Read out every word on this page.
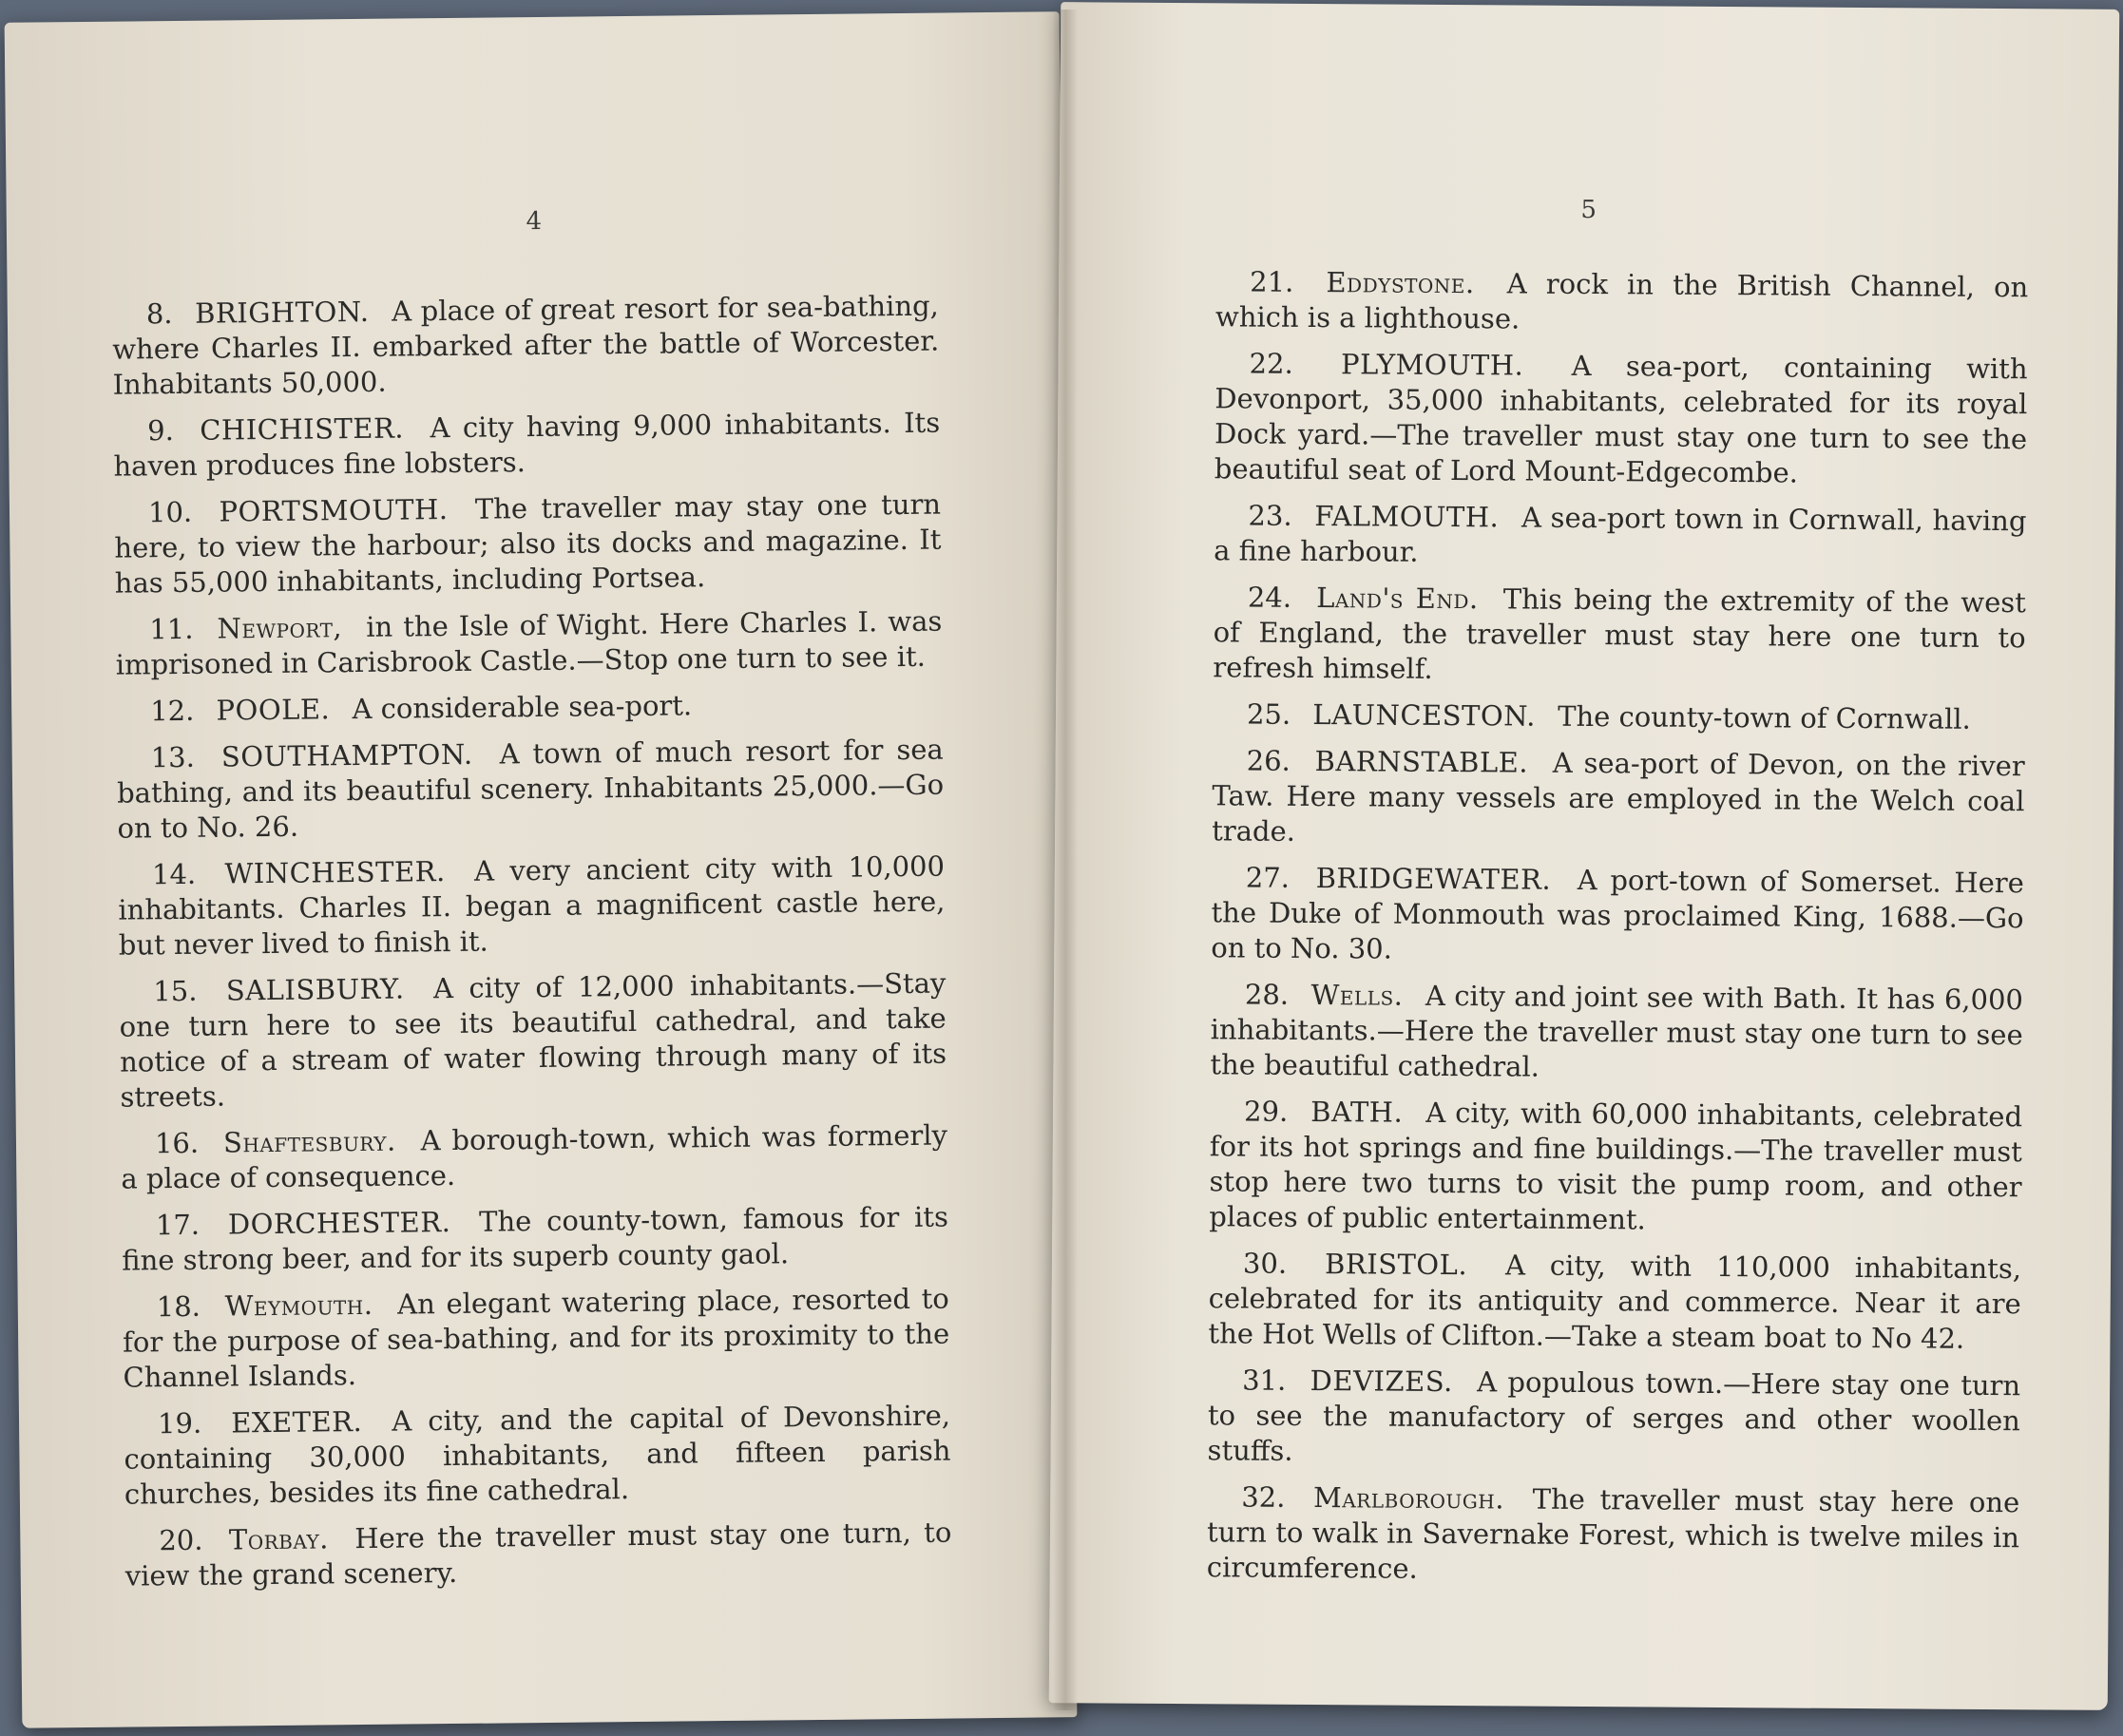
4

8. BRIGHTON. A place of great resort for sea-bathing, where Charles II. embarked after the battle of Worcester. Inhabitants 50,000.

9. CHICHISTER. A city having 9,000 inhabitants. Its haven produces fine lobsters.

10. PORTSMOUTH. The traveller may stay one turn here, to view the harbour; also its docks and magazine. It has 55,000 inhabitants, including Portsea.

11. Newport, in the Isle of Wight. Here Charles I. was imprisoned in Carisbrook Castle.—Stop one turn to see it.

12. POOLE. A considerable sea-port.

13. SOUTHAMPTON. A town of much resort for sea bathing, and its beautiful scenery. Inhabitants 25,000.—Go on to No. 26.

14. WINCHESTER. A very ancient city with 10,000 inhabitants. Charles II. began a magnificent castle here, but never lived to finish it.

15. SALISBURY. A city of 12,000 inhabitants.—Stay one turn here to see its beautiful cathedral, and take notice of a stream of water flowing through many of its streets.

16. Shaftesbury. A borough-town, which was formerly a place of consequence.

17. DORCHESTER. The county-town, famous for its fine strong beer, and for its superb county gaol.

18. Weymouth. An elegant watering place, resorted to for the purpose of sea-bathing, and for its proximity to the Channel Islands.

19. EXETER. A city, and the capital of Devonshire, containing 30,000 inhabitants, and fifteen parish churches, besides its fine cathedral.

20. Torbay. Here the traveller must stay one turn, to view the grand scenery.

5

21. Eddystone. A rock in the British Channel, on which is a lighthouse.

22. PLYMOUTH. A sea-port, containing with Devonport, 35,000 inhabitants, celebrated for its royal Dock yard.—The traveller must stay one turn to see the beautiful seat of Lord Mount-Edgecombe.

23. FALMOUTH. A sea-port town in Cornwall, having a fine harbour.

24. Land's End. This being the extremity of the west of England, the traveller must stay here one turn to refresh himself.

25. LAUNCESTON. The county-town of Cornwall.

26. BARNSTABLE. A sea-port of Devon, on the river Taw. Here many vessels are employed in the Welch coal trade.

27. BRIDGEWATER. A port-town of Somerset. Here the Duke of Monmouth was proclaimed King, 1688.—Go on to No. 30.

28. Wells. A city and joint see with Bath. It has 6,000 inhabitants.—Here the traveller must stay one turn to see the beautiful cathedral.

29. BATH. A city, with 60,000 inhabitants, celebrated for its hot springs and fine buildings.—The traveller must stop here two turns to visit the pump room, and other places of public entertainment.

30. BRISTOL. A city, with 110,000 inhabitants, celebrated for its antiquity and commerce. Near it are the Hot Wells of Clifton.—Take a steam boat to No 42.

31. DEVIZES. A populous town.—Here stay one turn to see the manufactory of serges and other woollen stuffs.

32. Marlborough. The traveller must stay here one turn to walk in Savernake Forest, which is twelve miles in circumference.
